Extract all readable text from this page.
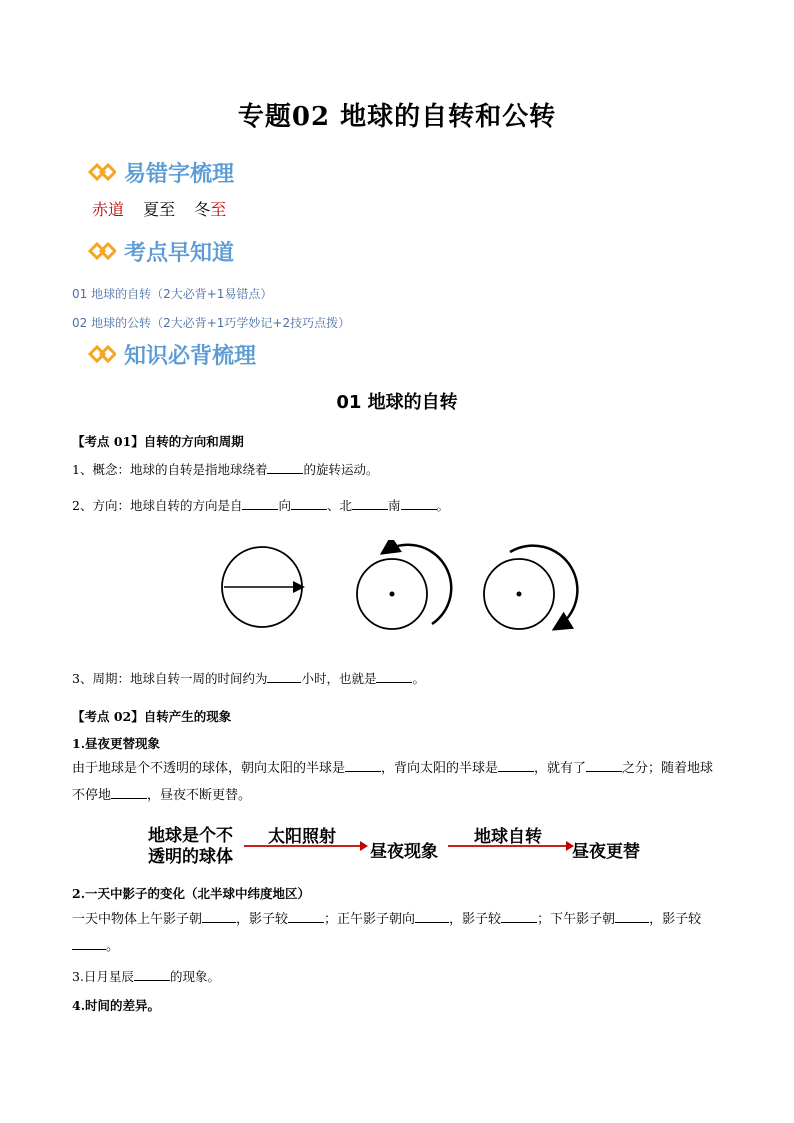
专题02 地球的自转和公转
易错字梳理
赤道 夏至 冬至
考点早知道
01 地球的自转（2大必背+1易错点）
02 地球的公转（2大必背+1巧学妙记+2技巧点拨）
知识必背梳理
01 地球的自转
【考点 01】自转的方向和周期
1、概念：地球的自转是指地球绕着	的旋转运动。
2、方向：地球自转的方向是自	向	、北	南	。
3、周期：地球自转一周的时间约为	小时，也就是	。
【考点 02】自转产生的现象
1.昼夜更替现象
由于地球是个不透明的球体，朝向太阳的半球是	，背向太阳的半球是	，就有了	之分；随着地球不停地	，昼夜不断更替。
地球是个不
透明的球体
太阳照射
昼夜现象
地球自转
昼夜更替
2.一天中影子的变化（北半球中纬度地区）
一天中物体上午影子朝	，影子较	；正午影子朝向	，影子较	；下午影子朝	，影子较。
3.日月星辰	的现象。
4.时间的差异。
